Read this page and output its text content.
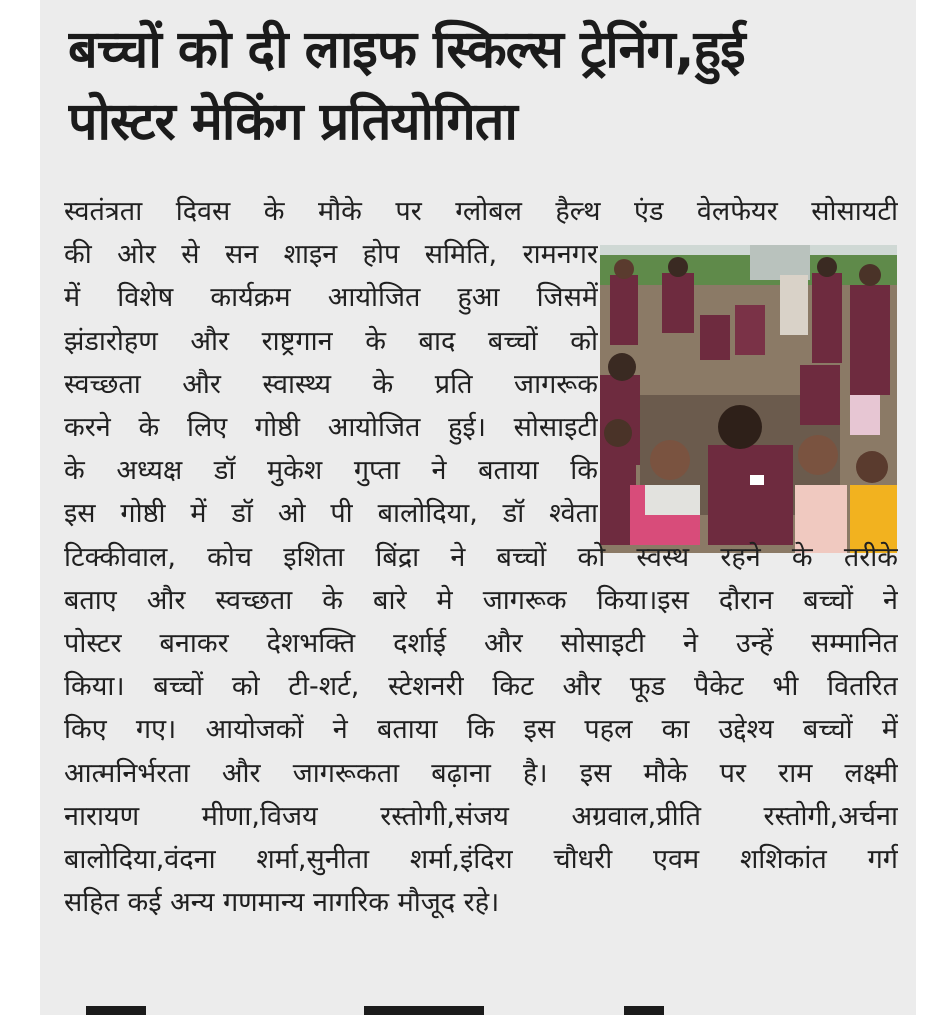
बच्चों को दी लाइफ स्किल्स ट्रेनिंग,हुई
पोस्टर मेकिंग प्रतियोगिता
स्वतंत्रता दिवस के मौके पर ग्लोबल हैल्थ एंड वेलफेयर सोसायटी
की ओर से सन शाइन होप समिति, रामनगर
में विशेष कार्यक्रम आयोजित हुआ जिसमें
झंडारोहण और राष्ट्रगान के बाद बच्चों को
स्वच्छता और स्वास्थ्य के प्रति जागरूक
करने के लिए गोष्ठी आयोजित हुई। सोसाइटी
के अध्यक्ष डॉ मुकेश गुप्ता ने बताया कि
इस गोष्ठी में डॉ ओ पी बालोदिया, डॉ श्वेता
टिक्कीवाल, कोच इशिता बिंद्रा ने बच्चों को स्वस्थ रहने के तरीके
बताए और स्वच्छता के बारे मे जागरूक किया।इस दौरान बच्चों ने
पोस्टर बनाकर देशभक्ति दर्शाई और सोसाइटी ने उन्हें सम्मानित
किया। बच्चों को टी-शर्ट, स्टेशनरी किट और फूड पैकेट भी वितरित
किए गए। आयोजकों ने बताया कि इस पहल का उद्देश्य बच्चों में
आत्मनिर्भरता और जागरूकता बढ़ाना है। इस मौके पर राम लक्ष्मी
नारायण मीणा,विजय रस्तोगी,संजय अग्रवाल,प्रीति रस्तोगी,अर्चना
बालोदिया,वंदना शर्मा,सुनीता शर्मा,इंदिरा चौधरी एवम शशिकांत गर्ग
सहित कई अन्य गणमान्य नागरिक मौजूद रहे।
